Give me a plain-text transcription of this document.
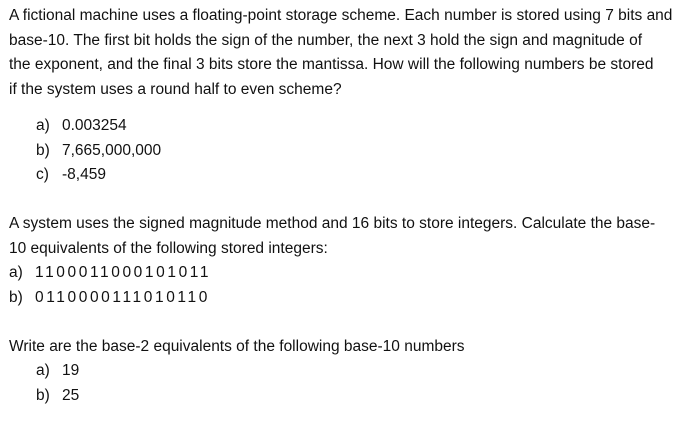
A fictional machine uses a floating-point storage scheme. Each number is stored using 7 bits and
base-10. The first bit holds the sign of the number, the next 3 hold the sign and magnitude of
the exponent, and the final 3 bits store the mantissa. How will the following numbers be stored
if the system uses a round half to even scheme?
a) 0.003254
b) 7,665,000,000
c) -8,459
A system uses the signed magnitude method and 16 bits to store integers. Calculate the base-
10 equivalents of the following stored integers:
a) 1100011000101011
b) 0110000111010110
Write are the base-2 equivalents of the following base-10 numbers
a) 19
b) 25
